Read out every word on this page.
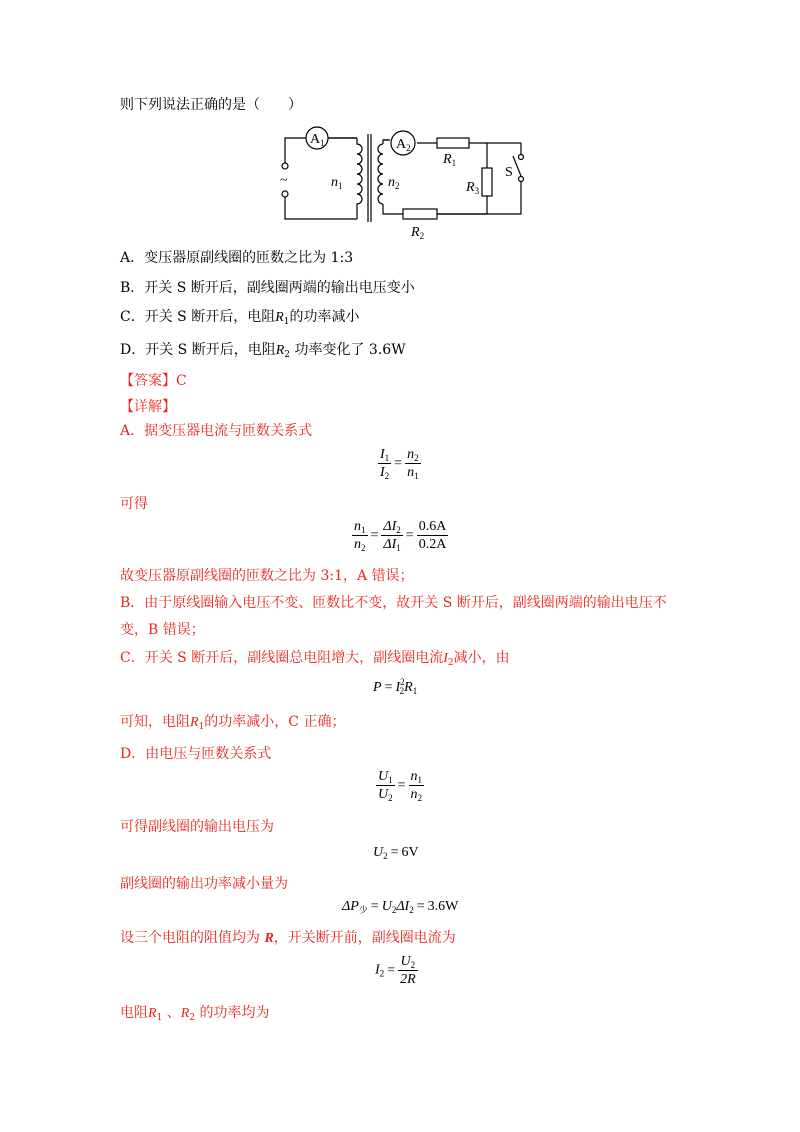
则下列说法正确的是（　　）
$A_1$	$A_2$
~	$n_1$	$n_2$
$R_1$
$R_3$
S
$R_2$
A．变压器原副线圈的匝数之比为 1:3
B．开关 S 断开后，副线圈两端的输出电压变小
C．开关 S 断开后，电阻$R_1$的功率减小
D．开关 S 断开后，电阻$R_2$ 功率变化了 3.6W
【答案】C
【详解】
A．据变压器电流与匝数关系式
$\frac{I_1}{I_2} = \frac{n_2}{n_1}$
可得
$\frac{n_1}{n_2} = \frac{\Delta I_2}{\Delta I_1} = \frac{0.6A}{0.2A}$
故变压器原副线圈的匝数之比为 3:1，A 错误；
B．由于原线圈输入电压不变、匝数比不变，故开关 S 断开后，副线圈两端的输出电压不
变，B 错误；
C．开关 S 断开后，副线圈总电阻增大，副线圈电流$I_2$减小，由
$P = I^2_2R_1$
可知，电阻$R_1$的功率减小，C 正确；
D．由电压与匝数关系式
$\frac{U_1}{U_2} = \frac{n_1}{n_2}$
可得副线圈的输出电压为
$U_2 = 6V$
副线圈的输出功率减小量为
$\Delta P_少 = U_2\Delta I_2 = 3.6W$
设三个电阻的阻值均为 R，开关断开前，副线圈电流为
$I_2 = \frac{U_2}{2R}$
电阻$R_1$ 、$R_2$ 的功率均为
